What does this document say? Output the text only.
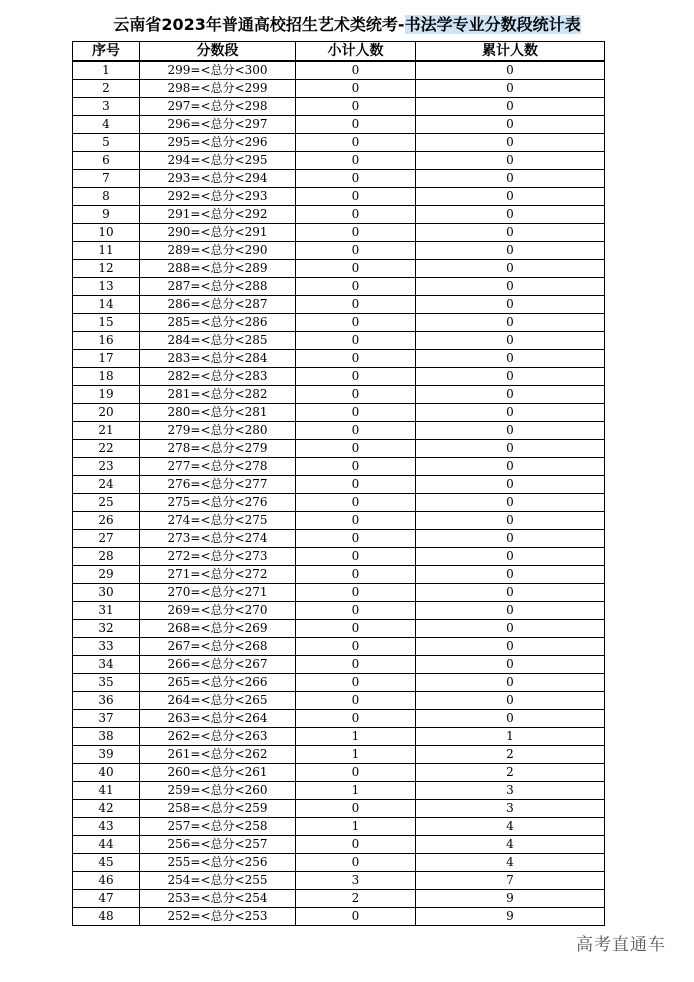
云南省2023年普通高校招生艺术类统考-书法学专业分数段统计表
序号	分数段	小计人数	累计人数
1	299=<总分<300	0	0
2	298=<总分<299	0	0
3	297=<总分<298	0	0
4	296=<总分<297	0	0
5	295=<总分<296	0	0
6	294=<总分<295	0	0
7	293=<总分<294	0	0
8	292=<总分<293	0	0
9	291=<总分<292	0	0
10	290=<总分<291	0	0
11	289=<总分<290	0	0
12	288=<总分<289	0	0
13	287=<总分<288	0	0
14	286=<总分<287	0	0
15	285=<总分<286	0	0
16	284=<总分<285	0	0
17	283=<总分<284	0	0
18	282=<总分<283	0	0
19	281=<总分<282	0	0
20	280=<总分<281	0	0
21	279=<总分<280	0	0
22	278=<总分<279	0	0
23	277=<总分<278	0	0
24	276=<总分<277	0	0
25	275=<总分<276	0	0
26	274=<总分<275	0	0
27	273=<总分<274	0	0
28	272=<总分<273	0	0
29	271=<总分<272	0	0
30	270=<总分<271	0	0
31	269=<总分<270	0	0
32	268=<总分<269	0	0
33	267=<总分<268	0	0
34	266=<总分<267	0	0
35	265=<总分<266	0	0
36	264=<总分<265	0	0
37	263=<总分<264	0	0
38	262=<总分<263	1	1
39	261=<总分<262	1	2
40	260=<总分<261	0	2
41	259=<总分<260	1	3
42	258=<总分<259	0	3
43	257=<总分<258	1	4
44	256=<总分<257	0	4
45	255=<总分<256	0	4
46	254=<总分<255	3	7
47	253=<总分<254	2	9
48	252=<总分<253	0	9
高考直通车
